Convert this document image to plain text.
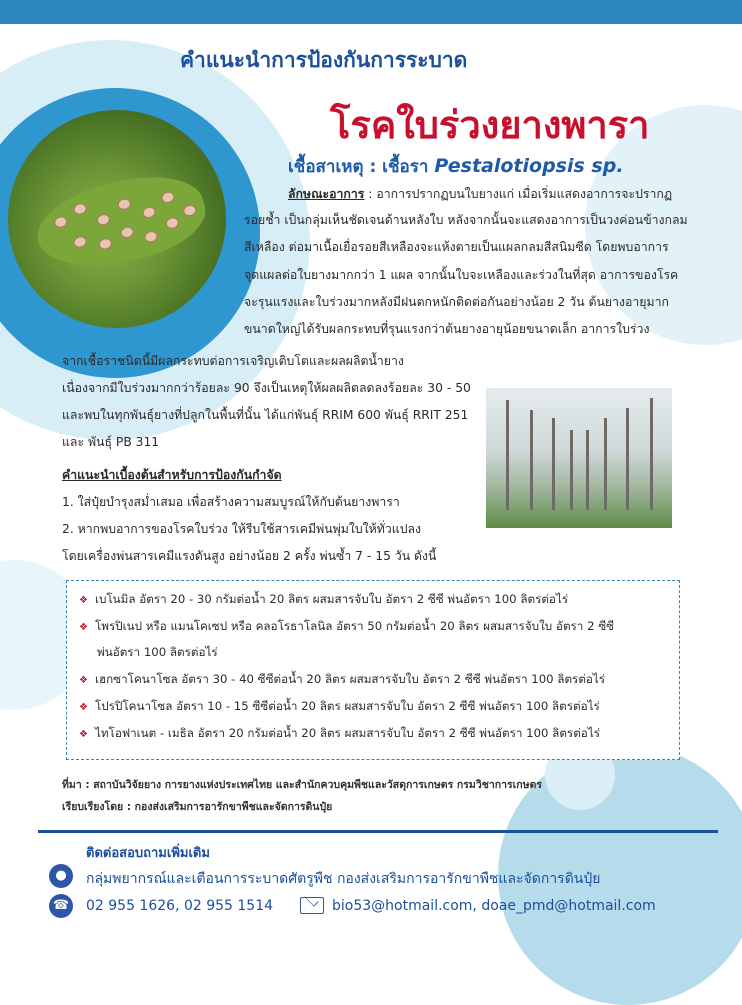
คำแนะนำการป้องกันการระบาด
โรคใบร่วงยางพารา
เชื้อสาเหตุ : เชื้อรา Pestalotiopsis sp.
ลักษณะอาการ : อาการปรากฏบนใบยางแก่ เมื่อเริ่มแสดงอาการจะปรากฏ
รอยช้ำ เป็นกลุ่มเห็นชัดเจนด้านหลังใบ หลังจากนั้นจะแสดงอาการเป็นวงค่อนข้างกลม
สีเหลือง ต่อมาเนื้อเยื่อรอยสีเหลืองจะแห้งตายเป็นแผลกลมสีสนิมซีด โดยพบอาการ
จุดแผลต่อใบยางมากกว่า 1 แผล จากนั้นใบจะเหลืองและร่วงในที่สุด อาการของโรค
จะรุนแรงและใบร่วงมากหลังมีฝนตกหนักติดต่อกันอย่างน้อย 2 วัน ต้นยางอายุมาก
ขนาดใหญ่ได้รับผลกระทบที่รุนแรงกว่าต้นยางอายุน้อยขนาดเล็ก อาการใบร่วง
จากเชื้อราชนิดนี้มีผลกระทบต่อการเจริญเติบโตและผลผลิตน้ำยาง
เนื่องจากมีใบร่วงมากกว่าร้อยละ 90 จึงเป็นเหตุให้ผลผลิตลดลงร้อยละ 30 - 50
และพบในทุกพันธุ์ยางที่ปลูกในพื้นที่นั้น ได้แก่พันธุ์ RRIM 600 พันธุ์ RRIT 251
และ พันธุ์ PB 311
คำแนะนำเบื้องต้นสำหรับการป้องกันกำจัด
1. ใส่ปุ๋ยบำรุงสม่ำเสมอ เพื่อสร้างความสมบูรณ์ให้กับต้นยางพารา
2. หากพบอาการของโรคใบร่วง ให้รีบใช้สารเคมีพ่นพุ่มใบให้ทั่วแปลง
โดยเครื่องพ่นสารเคมีแรงดันสูง อย่างน้อย 2 ครั้ง พ่นซ้ำ 7 - 15 วัน ดังนี้
❖ เบโนมิล อัตรา 20 - 30 กรัมต่อน้ำ 20 ลิตร ผสมสารจับใบ อัตรา 2 ซีซี พ่นอัตรา 100 ลิตรต่อไร่
❖ โพรปิเนป หรือ แมนโคเซป หรือ คลอโรธาโลนิล อัตรา 50 กรัมต่อน้ำ 20 ลิตร ผสมสารจับใบ อัตรา 2 ซีซี
พ่นอัตรา 100 ลิตรต่อไร่
❖ เฮกซาโคนาโซล อัตรา 30 - 40 ซีซีต่อน้ำ 20 ลิตร ผสมสารจับใบ อัตรา 2 ซีซี พ่นอัตรา 100 ลิตรต่อไร่
❖ โปรปิโคนาโซล อัตรา 10 - 15 ซีซีต่อน้ำ 20 ลิตร ผสมสารจับใบ อัตรา 2 ซีซี พ่นอัตรา 100 ลิตรต่อไร่
❖ ไทโอฟาเนต - เมธิล อัตรา 20 กรัมต่อน้ำ 20 ลิตร ผสมสารจับใบ อัตรา 2 ซีซี พ่นอัตรา 100 ลิตรต่อไร่
ที่มา : สถาบันวิจัยยาง การยางแห่งประเทศไทย และสำนักควบคุมพืชและวัสดุการเกษตร กรมวิชาการเกษตร
เรียบเรียงโดย : กองส่งเสริมการอารักขาพืชและจัดการดินปุ๋ย
ติดต่อสอบถามเพิ่มเติม
●	กลุ่มพยากรณ์และเตือนการระบาดศัตรูพืช กองส่งเสริมการอารักขาพืชและจัดการดินปุ๋ย
☎ 02 955 1626, 02 955 1514	bio53@hotmail.com, doae_pmd@hotmail.com
